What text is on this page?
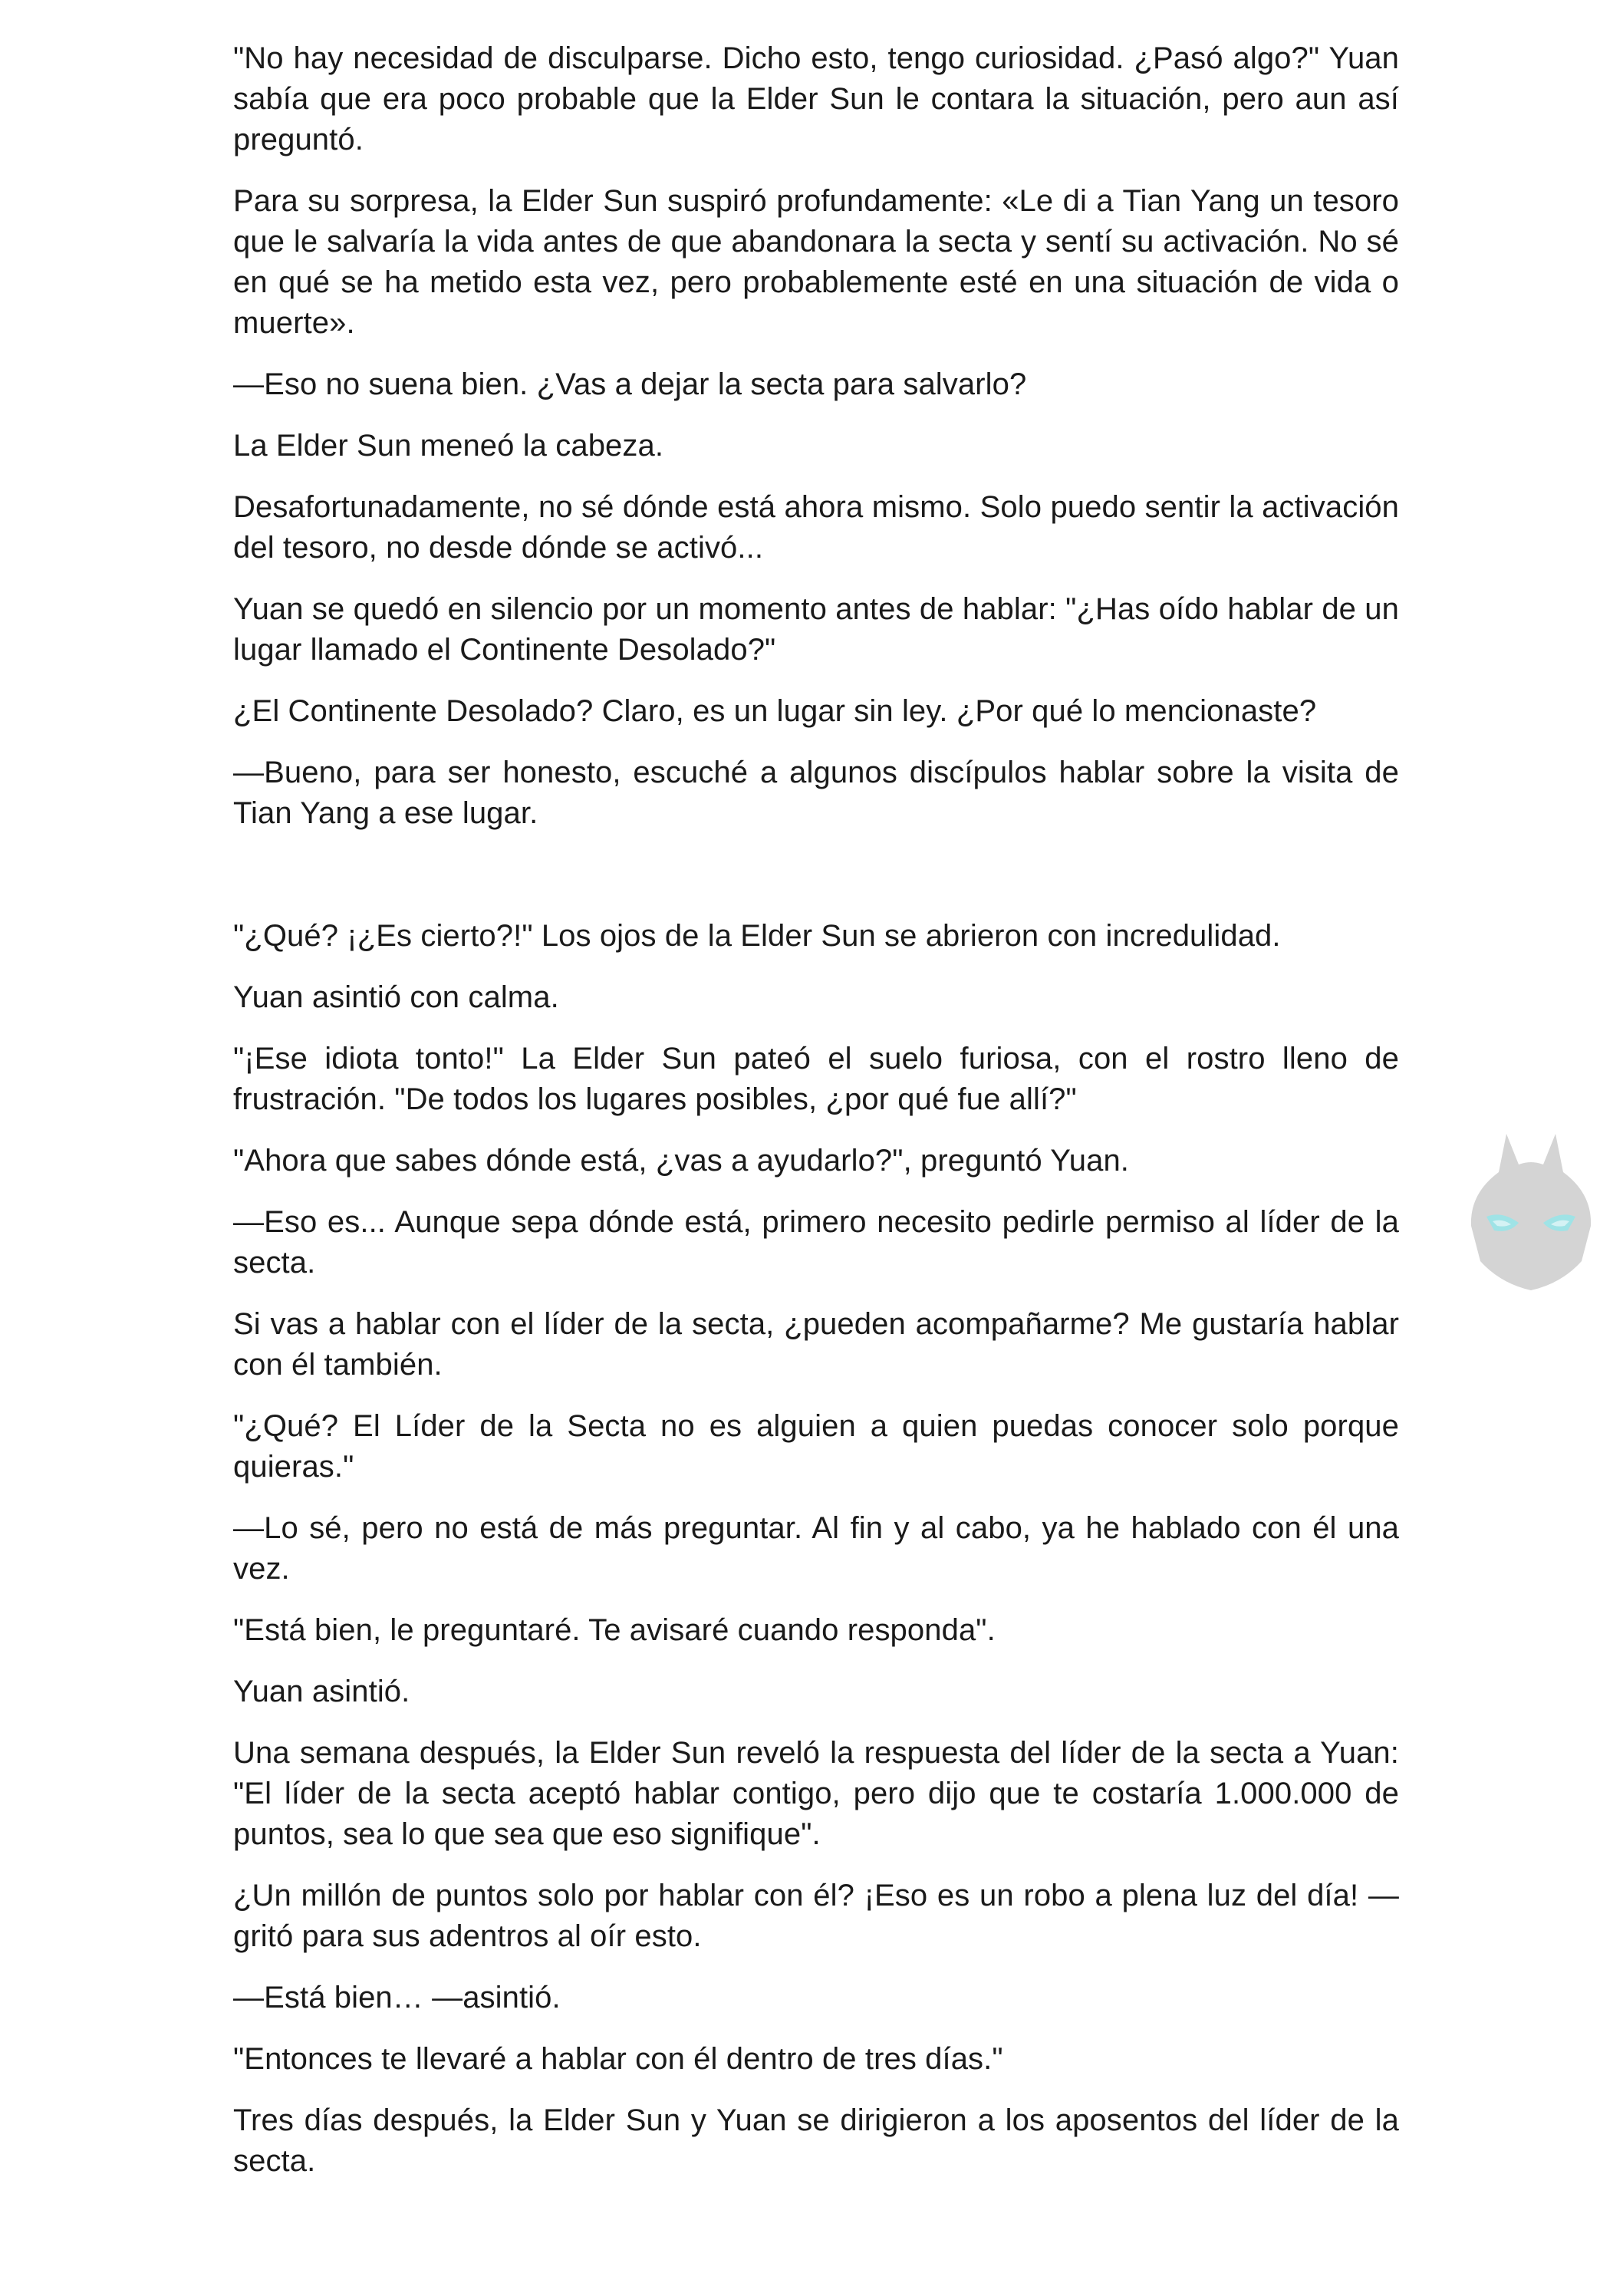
"No hay necesidad de disculparse. Dicho esto, tengo curiosidad. ¿Pasó algo?" Yuan sabía que era poco probable que la Elder Sun le contara la situación, pero aun así preguntó.

Para su sorpresa, la Elder Sun suspiró profundamente: «Le di a Tian Yang un tesoro que le salvaría la vida antes de que abandonara la secta y sentí su activación. No sé en qué se ha metido esta vez, pero probablemente esté en una situación de vida o muerte».

—Eso no suena bien. ¿Vas a dejar la secta para salvarlo?

La Elder Sun meneó la cabeza.

Desafortunadamente, no sé dónde está ahora mismo. Solo puedo sentir la activación del tesoro, no desde dónde se activó...

Yuan se quedó en silencio por un momento antes de hablar: "¿Has oído hablar de un lugar llamado el Continente Desolado?"

¿El Continente Desolado? Claro, es un lugar sin ley. ¿Por qué lo mencionaste?

—Bueno, para ser honesto, escuché a algunos discípulos hablar sobre la visita de Tian Yang a ese lugar.

"¿Qué? ¡¿Es cierto?!" Los ojos de la Elder Sun se abrieron con incredulidad.

Yuan asintió con calma.

"¡Ese idiota tonto!" La Elder Sun pateó el suelo furiosa, con el rostro lleno de frustración. "De todos los lugares posibles, ¿por qué fue allí?"

"Ahora que sabes dónde está, ¿vas a ayudarlo?", preguntó Yuan.

—Eso es... Aunque sepa dónde está, primero necesito pedirle permiso al líder de la secta.

Si vas a hablar con el líder de la secta, ¿pueden acompañarme? Me gustaría hablar con él también.

"¿Qué? El Líder de la Secta no es alguien a quien puedas conocer solo porque quieras."

—Lo sé, pero no está de más preguntar. Al fin y al cabo, ya he hablado con él una vez.

"Está bien, le preguntaré. Te avisaré cuando responda".

Yuan asintió.

Una semana después, la Elder Sun reveló la respuesta del líder de la secta a Yuan: "El líder de la secta aceptó hablar contigo, pero dijo que te costaría 1.000.000 de puntos, sea lo que sea que eso signifique".

¿Un millón de puntos solo por hablar con él? ¡Eso es un robo a plena luz del día! —gritó para sus adentros al oír esto.

—Está bien… —asintió.

"Entonces te llevaré a hablar con él dentro de tres días."

Tres días después, la Elder Sun y Yuan se dirigieron a los aposentos del líder de la secta.
